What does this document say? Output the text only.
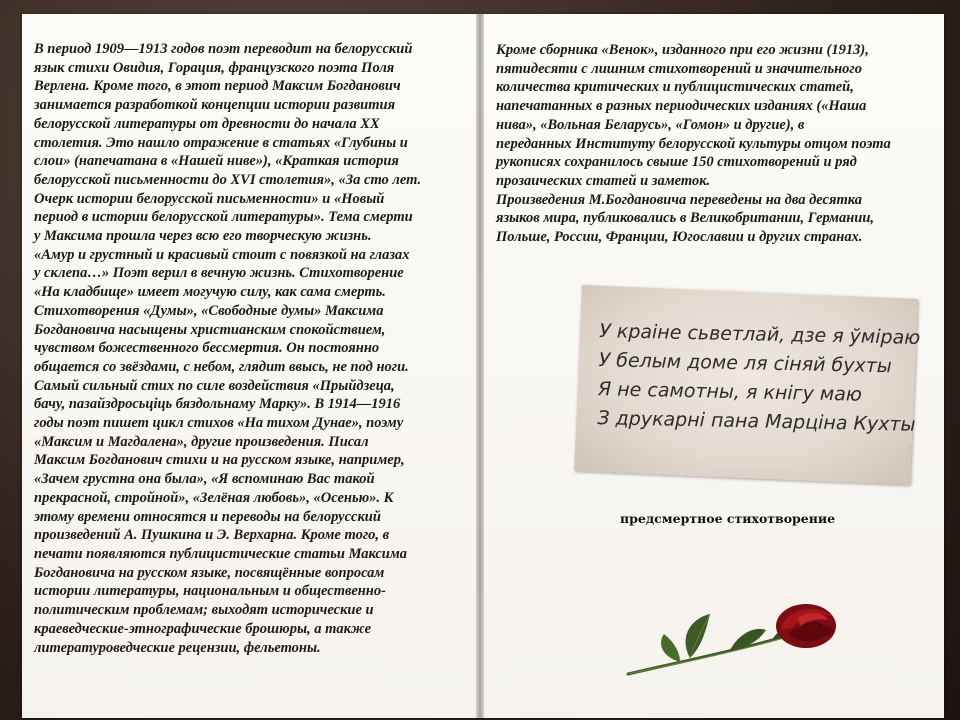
В период 1909—1913 годов поэт переводит на белорусский
язык стихи Овидия, Горация, французского поэта Поля
Верлена. Кроме того, в этот период Максим Богданович
занимается разработкой концепции истории развития
белорусской литературы от древности до начала XX
столетия. Это нашло отражение в статьях «Глубины и
слои» (напечатана в «Нашей ниве»), «Краткая история
белорусской письменности до XVI столетия», «За сто лет.
Очерк истории белорусской письменности» и «Новый
период в истории белорусской литературы». Тема смерти
у Максима прошла через всю его творческую жизнь.
«Амур и грустный и красивый стоит с повязкой на глазах
у склепа…» Поэт верил в вечную жизнь. Стихотворение
«На кладбище» имеет могучую силу, как сама смерть.
Стихотворения «Думы», «Свободные думы» Максима
Богдановича насыщены христианским спокойствием,
чувством божественного бессмертия. Он постоянно
общается со звёздами, с небом, глядит ввысь, не под ноги.
Самый сильный стих по силе воздействия «Прыйдзеца,
бачу, пазайздросьцiць бяздольнаму Марку». В 1914—1916
годы поэт пишет цикл стихов «На тихом Дунае», поэму
«Максим и Магдалена», другие произведения. Писал
Максим Богданович стихи и на русском языке, например,
«Зачем грустна она была», «Я вспоминаю Вас такой
прекрасной, стройной», «Зелёная любовь», «Осенью». К
этому времени относятся и переводы на белорусский
произведений А. Пушкина и Э. Верхарна. Кроме того, в
печати появляются публицистические статьи Максима
Богдановича на русском языке, посвящённые вопросам
истории литературы, национальным и общественно-
политическим проблемам; выходят исторические и
краеведческие-этнографические брошюры, а также
литературоведческие рецензии, фельетоны.

Кроме сборника «Венок», изданного при его жизни (1913),
пятидесяти с лишним стихотворений и значительного
количества критических и публицистических статей,
напечатанных в разных периодических изданиях («Наша
нива», «Вольная Беларусь», «Гомон» и другие), в
переданных Институту белорусской культуры отцом поэта
рукописях сохранилось свыше 150 стихотворений и ряд
прозаических статей и заметок.
Произведения М.Богдановича переведены на два десятка
языков мира, публиковались в Великобритании, Германии,
Польше, России, Франции, Югославии и других странах.

У краіне сьветлай, дзе я ўміраю
У белым доме ля сіняй бухты
Я не самотны, я кнігу маю
З друкарні пана Марціна Кухты
предсмертное стихотворение
